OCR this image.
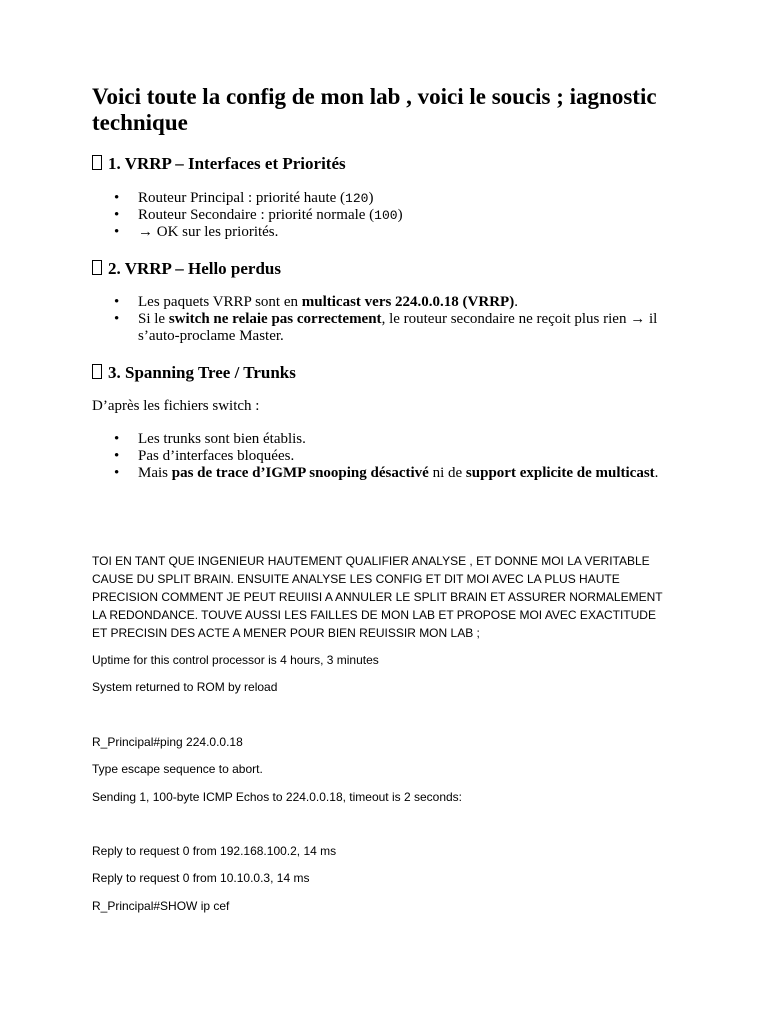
Voici toute la config de mon lab , voici le soucis ; iagnostic technique
1. VRRP – Interfaces et Priorités
• Routeur Principal : priorité haute (120)
• Routeur Secondaire : priorité normale (100)
• → OK sur les priorités.
2. VRRP – Hello perdus
• Les paquets VRRP sont en multicast vers 224.0.0.18 (VRRP).
• Si le switch ne relaie pas correctement, le routeur secondaire ne reçoit plus rien → il s’auto-proclame Master.
3. Spanning Tree / Trunks

D’après les fichiers switch :

• Les trunks sont bien établis.
• Pas d’interfaces bloquées.
• Mais pas de trace d’IGMP snooping désactivé ni de support explicite de multicast.

TOI EN TANT QUE INGENIEUR HAUTEMENT QUALIFIER ANALYSE , ET DONNE MOI LA VERITABLE CAUSE DU SPLIT BRAIN. ENSUITE ANALYSE LES CONFIG ET DIT MOI AVEC LA PLUS HAUTE PRECISION COMMENT JE PEUT REUIISI A ANNULER LE SPLIT BRAIN ET ASSURER NORMALEMENT LA REDONDANCE. TOUVE AUSSI LES FAILLES DE MON LAB ET PROPOSE MOI AVEC EXACTITUDE ET PRECISIN DES ACTE A MENER POUR BIEN REUISSIR MON LAB ;

Uptime for this control processor is 4 hours, 3 minutes

System returned to ROM by reload

R_Principal#ping 224.0.0.18

Type escape sequence to abort.

Sending 1, 100-byte ICMP Echos to 224.0.0.18, timeout is 2 seconds:

Reply to request 0 from 192.168.100.2, 14 ms

Reply to request 0 from 10.10.0.3, 14 ms

R_Principal#SHOW ip cef
